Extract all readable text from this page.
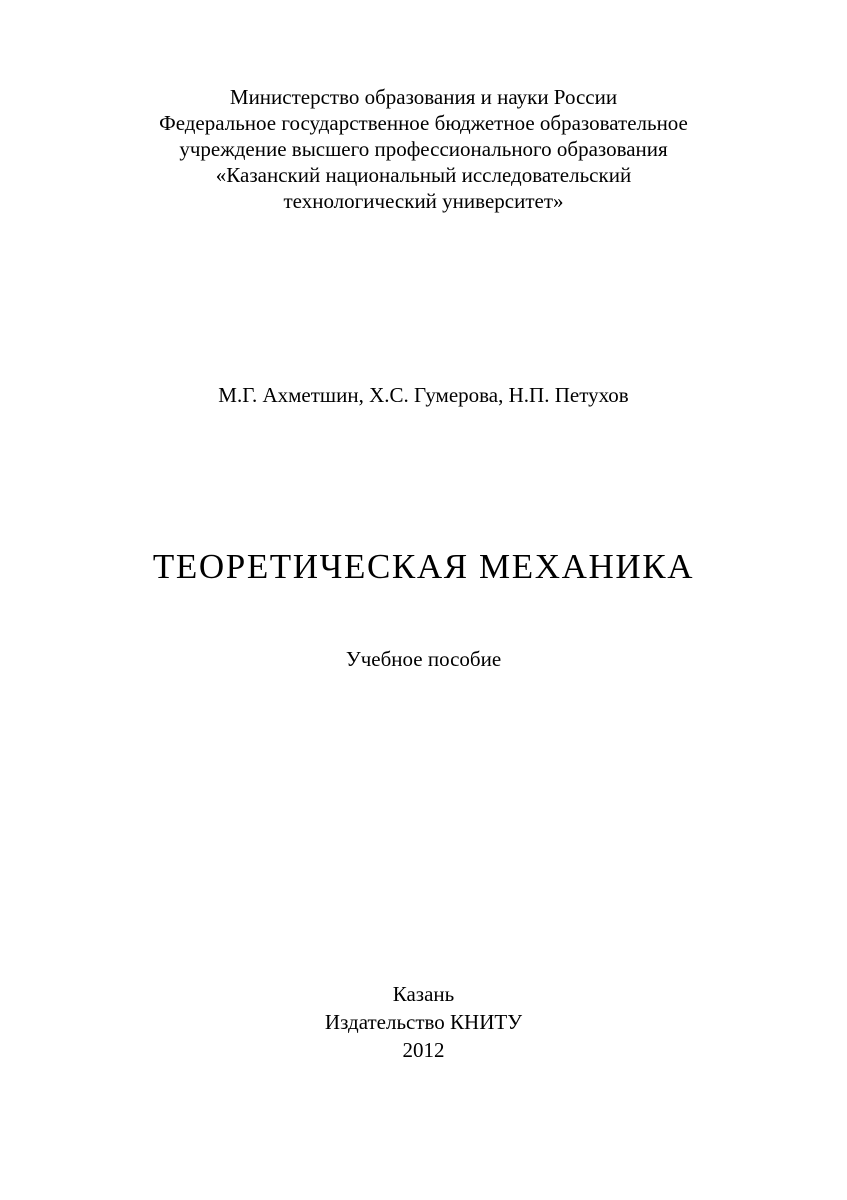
Министерство образования и науки России
Федеральное государственное бюджетное образовательное
учреждение высшего профессионального образования
«Казанский национальный исследовательский
технологический университет»
М.Г. Ахметшин, Х.С. Гумерова, Н.П. Петухов
ТЕОРЕТИЧЕСКАЯ МЕХАНИКА
Учебное пособие
Казань
Издательство КНИТУ
2012
